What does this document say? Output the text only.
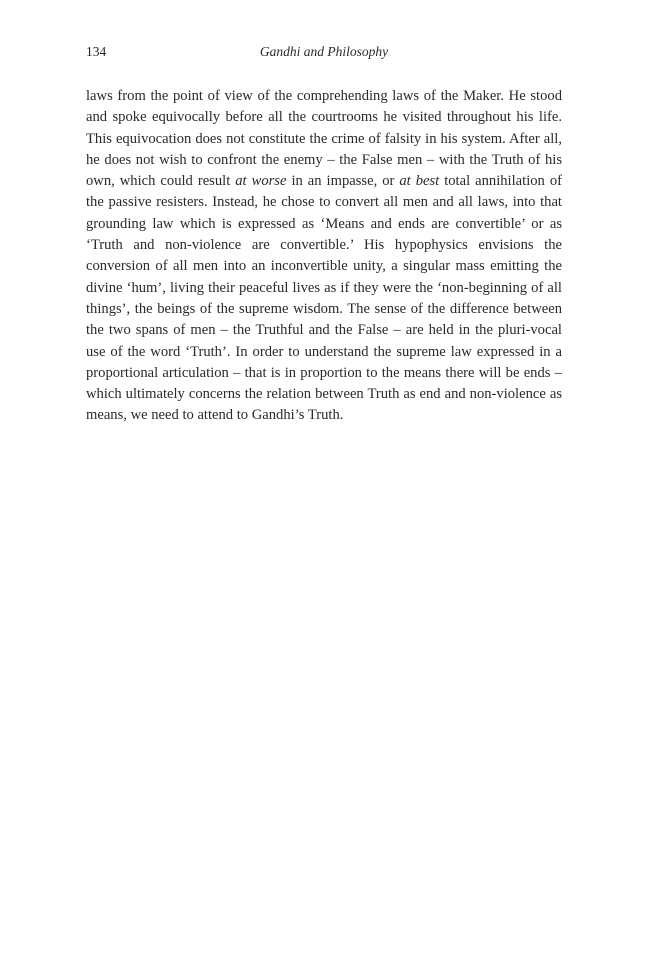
134	Gandhi and Philosophy

laws from the point of view of the comprehending laws of the Maker. He stood and spoke equivocally before all the courtrooms he visited throughout his life. This equivocation does not constitute the crime of falsity in his system. After all, he does not wish to confront the enemy – the False men – with the Truth of his own, which could result at worse in an impasse, or at best total annihilation of the passive resisters. Instead, he chose to convert all men and all laws, into that grounding law which is expressed as ‘Means and ends are convertible’ or as ‘Truth and non-violence are convertible.’ His hypophysics envisions the conversion of all men into an inconvertible unity, a singular mass emitting the divine ‘hum’, living their peaceful lives as if they were the ‘non-beginning of all things’, the beings of the supreme wisdom. The sense of the difference between the two spans of men – the Truthful and the False – are held in the pluri-vocal use of the word ‘Truth’. In order to understand the supreme law expressed in a proportional articulation – that is in proportion to the means there will be ends – which ultimately concerns the relation between Truth as end and non-violence as means, we need to attend to Gandhi’s Truth.
